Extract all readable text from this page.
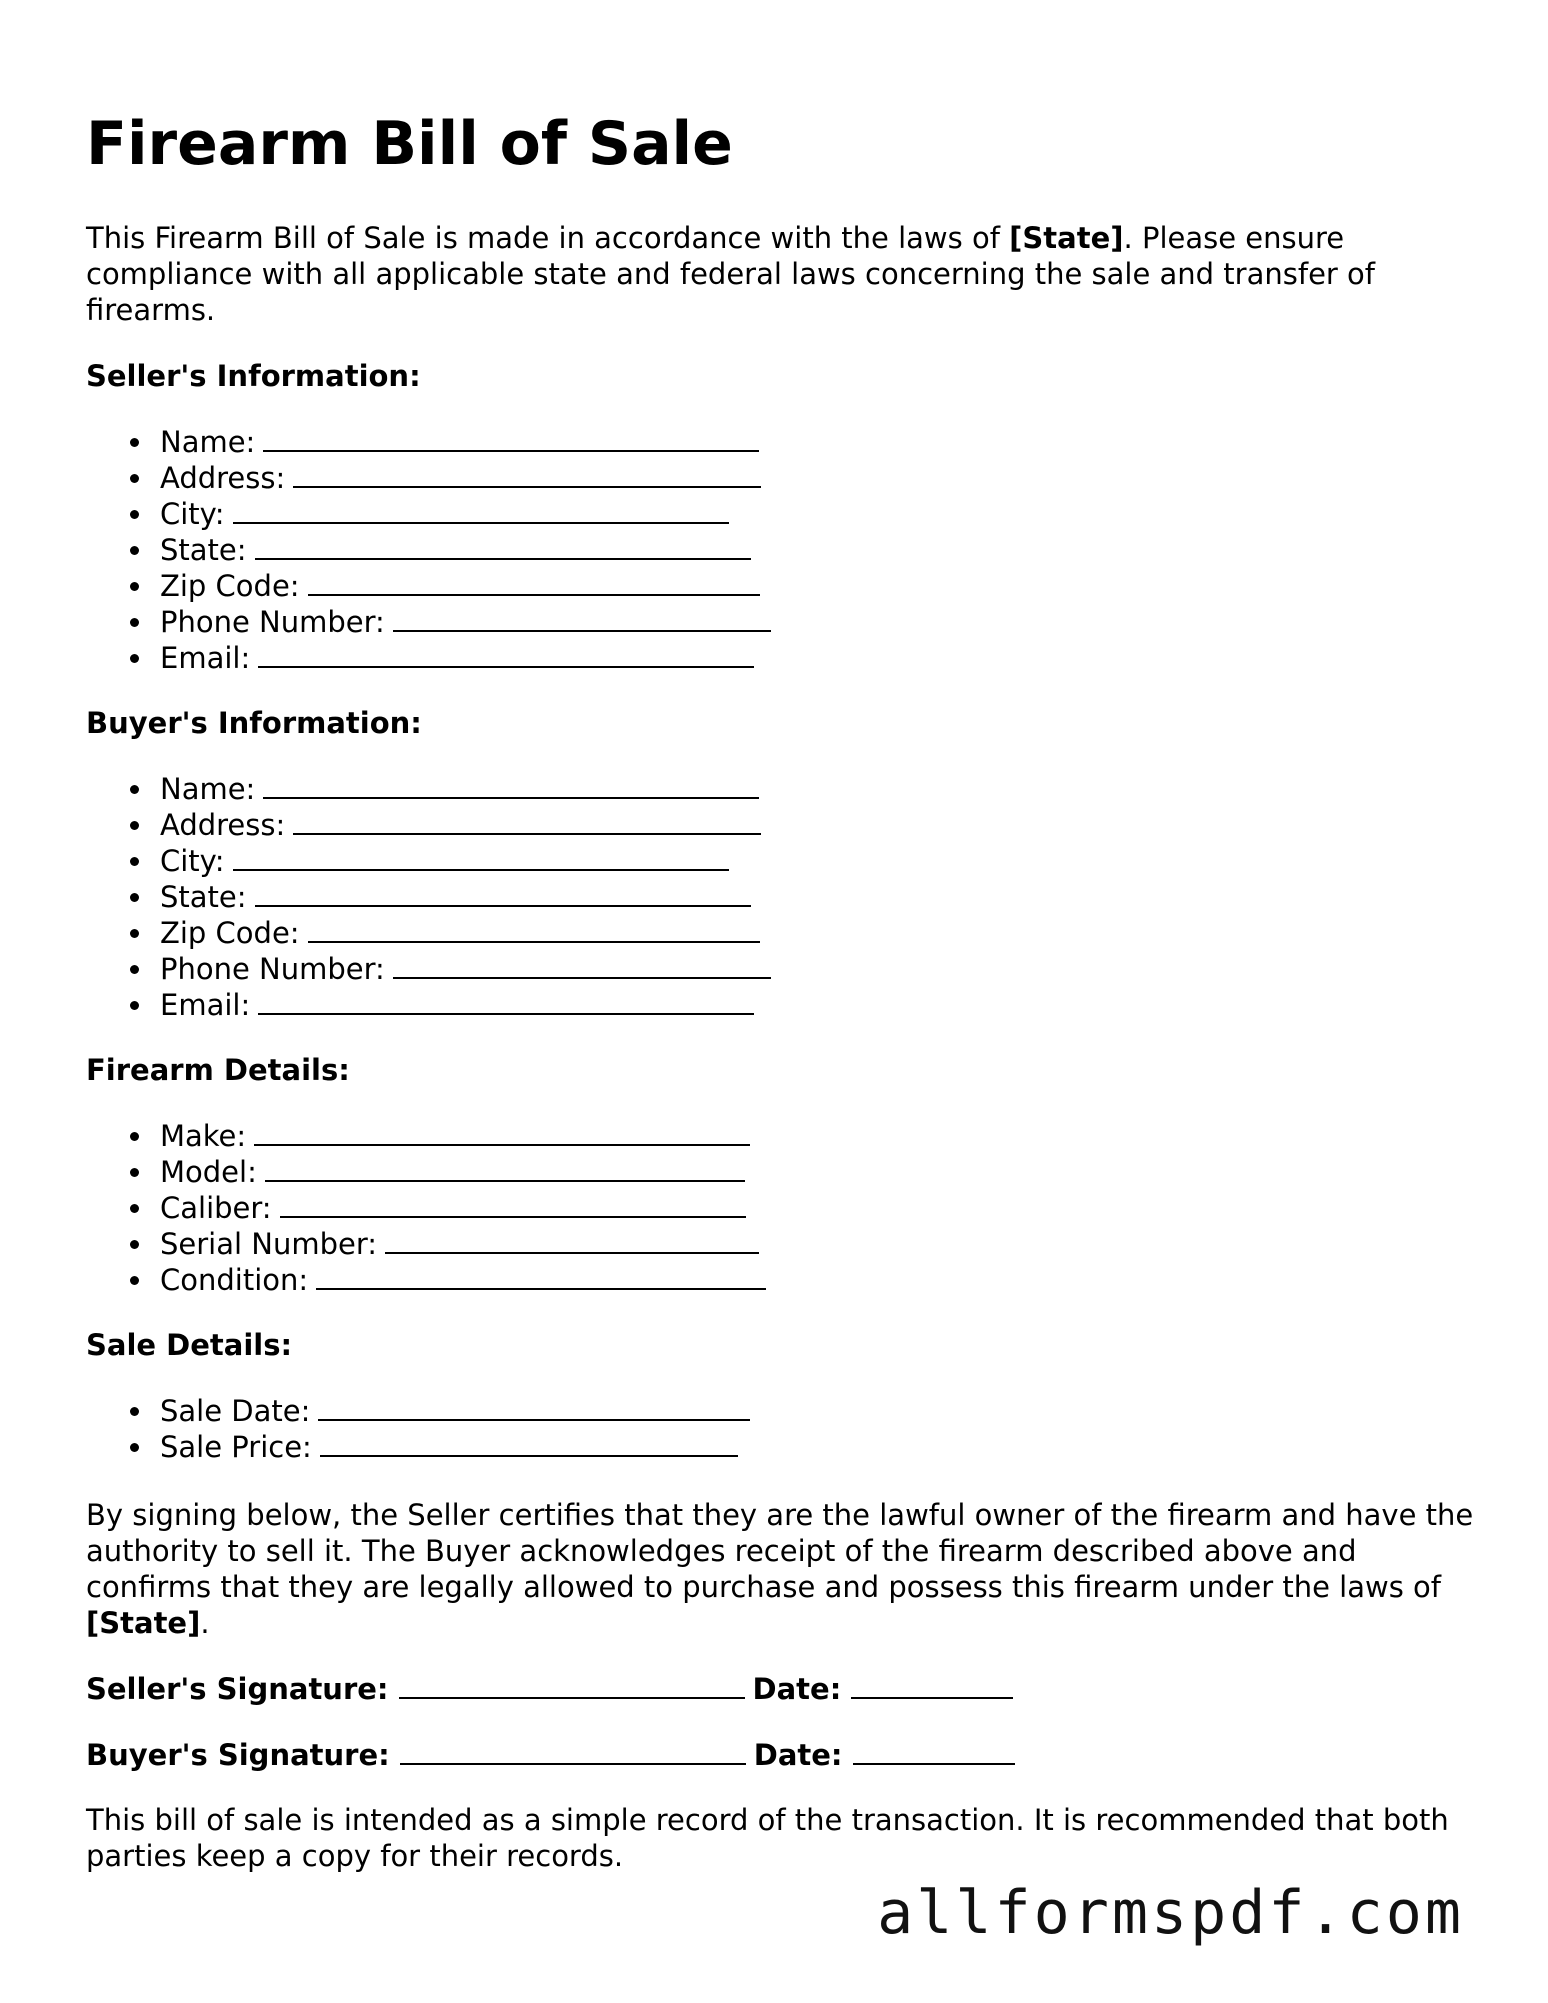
Firearm Bill of Sale

This Firearm Bill of Sale is made in accordance with the laws of [State]. Please ensure compliance with all applicable state and federal laws concerning the sale and transfer of firearms.

Seller's Information:

Name:
Address:
City:
State:
Zip Code:
Phone Number:
Email:

Buyer's Information:

Name:
Address:
City:
State:
Zip Code:
Phone Number:
Email:

Firearm Details:

Make:
Model:
Caliber:
Serial Number:
Condition:

Sale Details:

Sale Date:
Sale Price:

By signing below, the Seller certifies that they are the lawful owner of the firearm and have the authority to sell it. The Buyer acknowledges receipt of the firearm described above and confirms that they are legally allowed to purchase and possess this firearm under the laws of [State].

Seller's Signature:	Date:

Buyer's Signature:	Date:

This bill of sale is intended as a simple record of the transaction. It is recommended that both parties keep a copy for their records.

allformspdf.com
